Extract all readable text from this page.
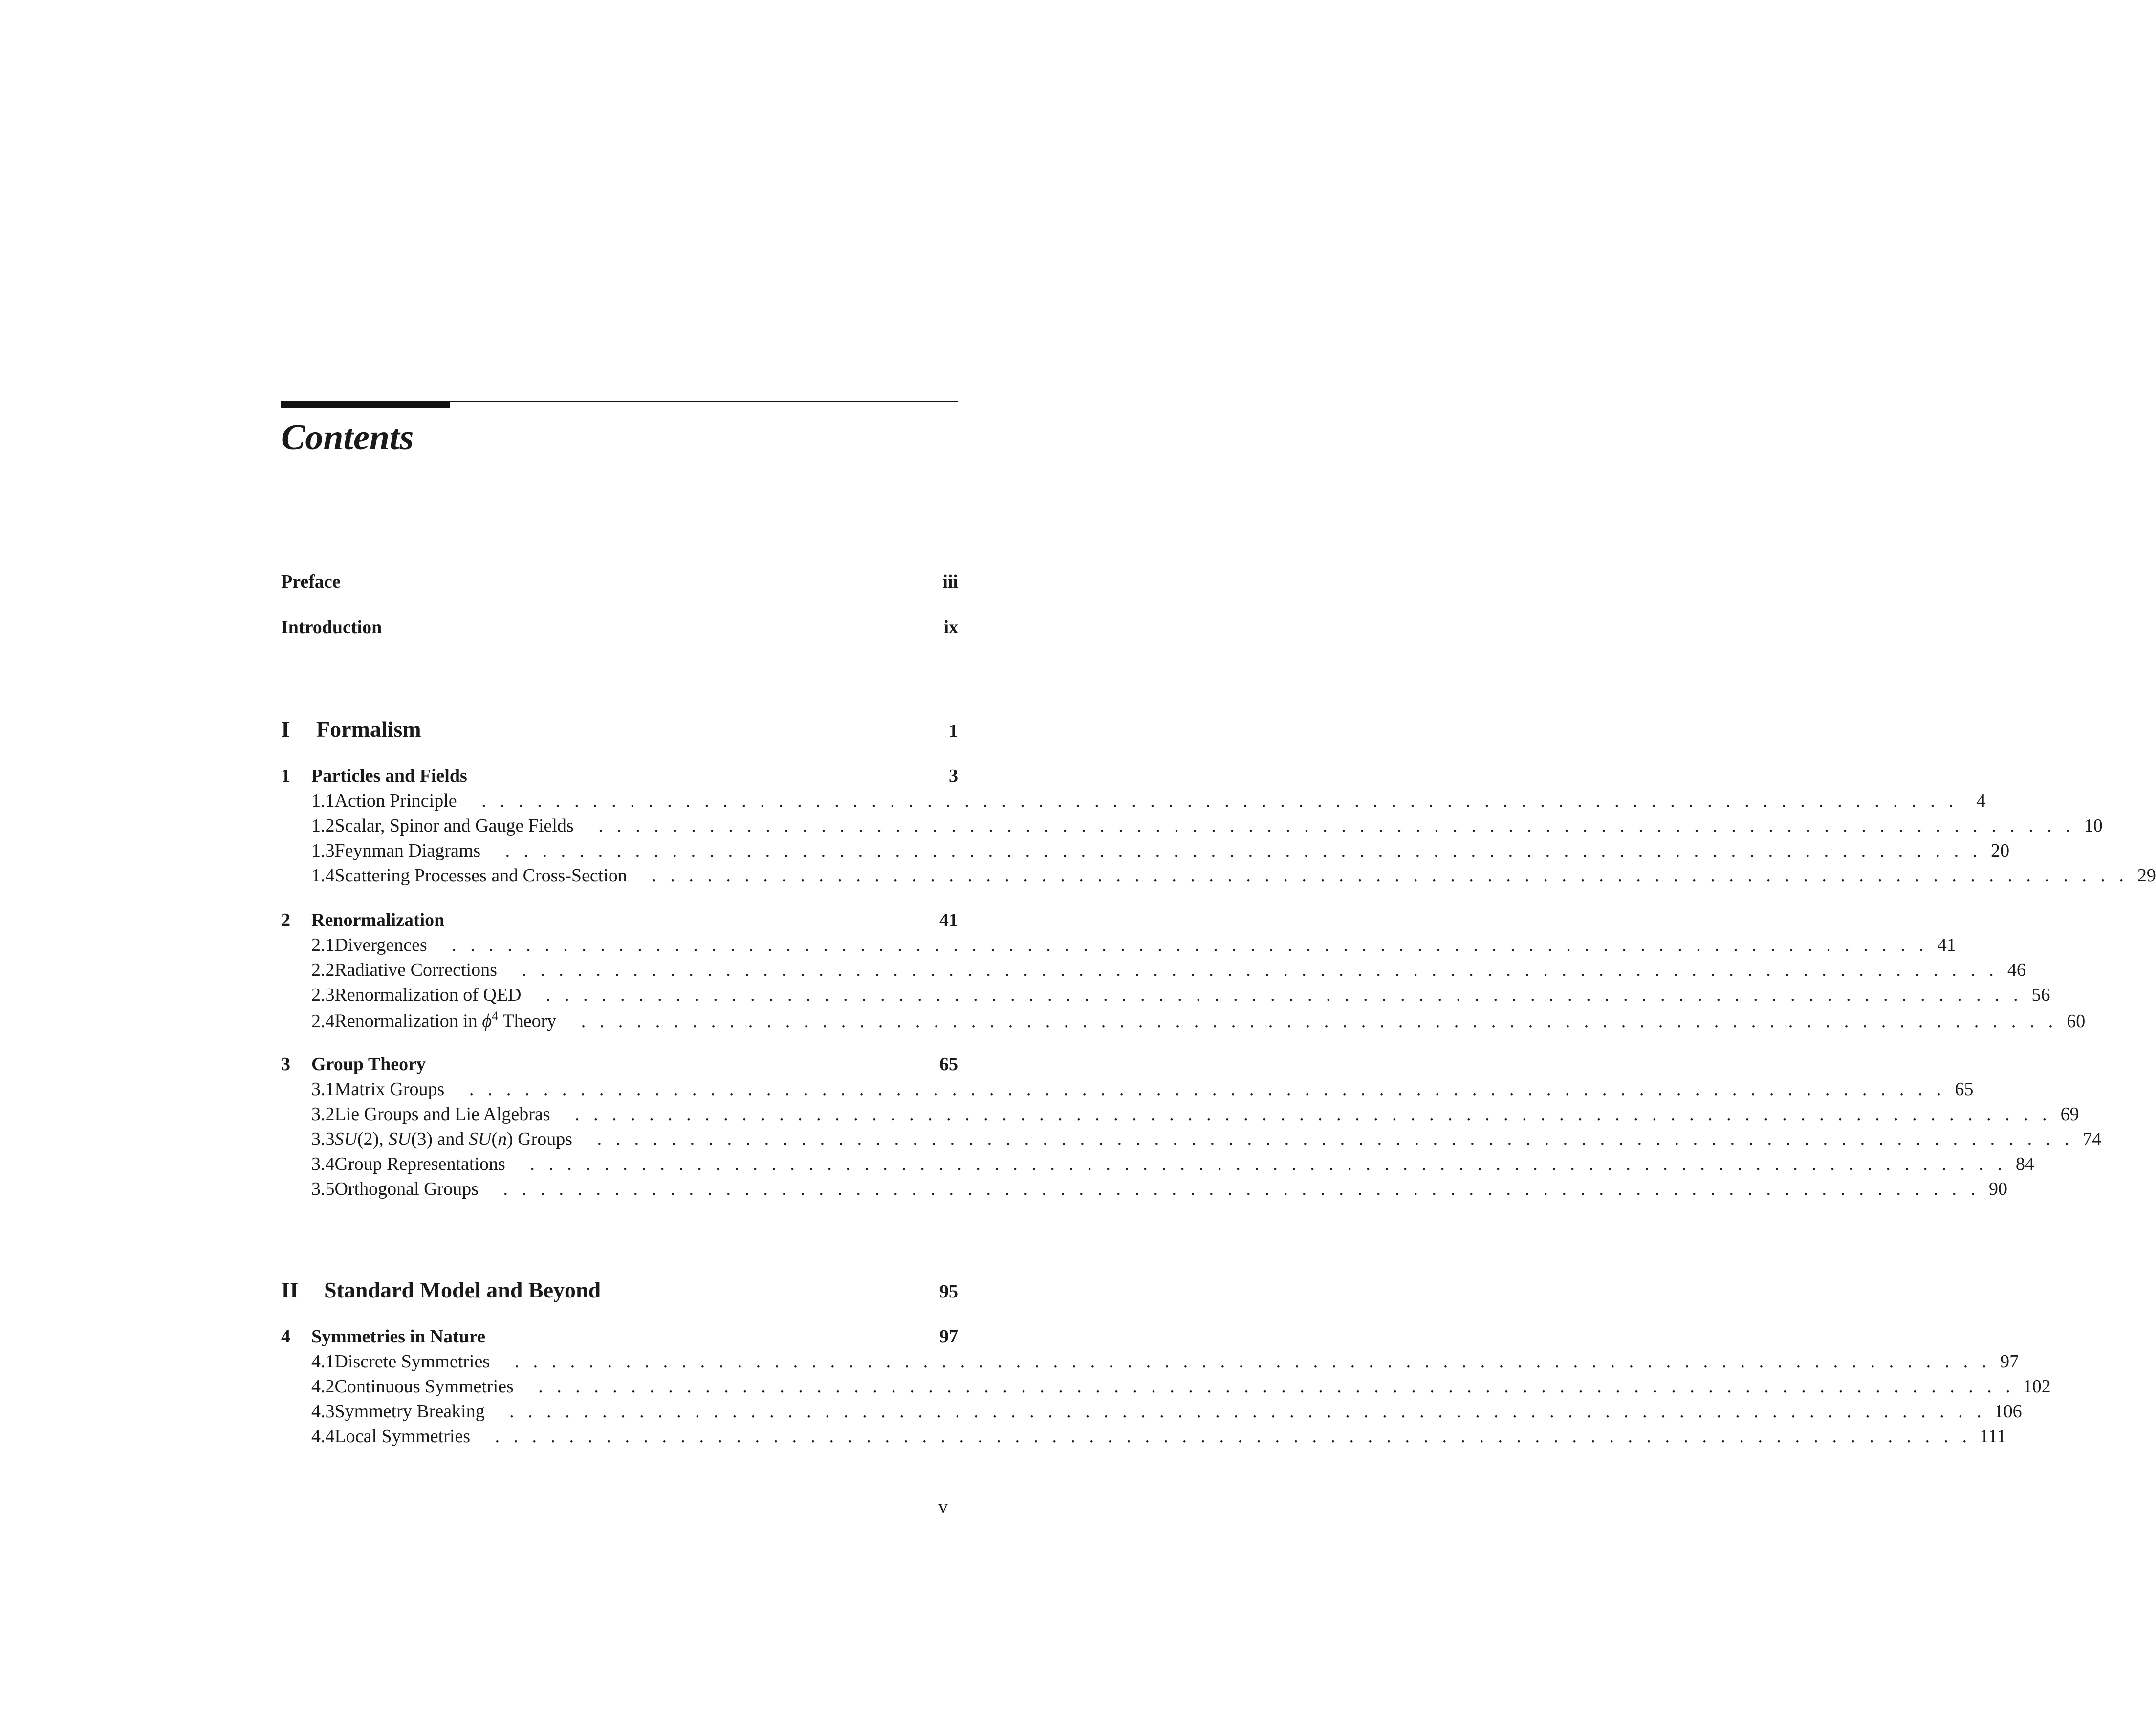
Contents
Preface	iii
Introduction	ix
I	Formalism	1
1	Particles and Fields	3
1.1 Action Principle .   .   .   .   .   .   .   .   .   .   .   .   .   .   .   .   .   .   .   .   .   .   .   .   .   .   .   .   .   .   .   .   .   .   .   .   .   .   .   .   .   .   .   .   .   .   .   .   .   .   .   .   .   .   .   .   .   .   .   .   .   .   .   .   .   .   .   .   .   .   .   .   .   .   .   .   .   .   .   .	4
1.2 Scalar, Spinor and Gauge Fields .   .   .   .   .   .   .   .   .   .   .   .   .   .   .   .   .   .   .   .   .   .   .   .   .   .   .   .   .   .   .   .   .   .   .   .   .   .   .   .   .   .   .   .   .   .   .   .   .   .   .   .   .   .   .   .   .   .   .   .   .   .   .   .   .   .   .   .   .   .   .   .   .   .   .   .   .   .   .   . 10
1.3 Feynman Diagrams .   .   .   .   .   .   .   .   .   .   .   .   .   .   .   .   .   .   .   .   .   .   .   .   .   .   .   .   .   .   .   .   .   .   .   .   .   .   .   .   .   .   .   .   .   .   .   .   .   .   .   .   .   .   .   .   .   .   .   .   .   .   .   .   .   .   .   .   .   .   .   .   .   .   .   .   .   .   .   . 20
1.4 Scattering Processes and Cross-Section .   .   .   .   .   .   .   .   .   .   .   .   .   .   .   .   .   .   .   .   .   .   .   .   .   .   .   .   .   .   .   .   .   .   .   .   .   .   .   .   .   .   .   .   .   .   .   .   .   .   .   .   .   .   .   .   .   .   .   .   .   .   .   .   .   .   .   .   .   .   .   .   .   .   .   .   .   .   .   . 29
2	Renormalization	41
2.1 Divergences .   .   .   .   .   .   .   .   .   .   .   .   .   .   .   .   .   .   .   .   .   .   .   .   .   .   .   .   .   .   .   .   .   .   .   .   .   .   .   .   .   .   .   .   .   .   .   .   .   .   .   .   .   .   .   .   .   .   .   .   .   .   .   .   .   .   .   .   .   .   .   .   .   .   .   .   .   .   .   . 41
2.2 Radiative Corrections .   .   .   .   .   .   .   .   .   .   .   .   .   .   .   .   .   .   .   .   .   .   .   .   .   .   .   .   .   .   .   .   .   .   .   .   .   .   .   .   .   .   .   .   .   .   .   .   .   .   .   .   .   .   .   .   .   .   .   .   .   .   .   .   .   .   .   .   .   .   .   .   .   .   .   .   .   .   .   . 46
2.3 Renormalization of QED .   .   .   .   .   .   .   .   .   .   .   .   .   .   .   .   .   .   .   .   .   .   .   .   .   .   .   .   .   .   .   .   .   .   .   .   .   .   .   .   .   .   .   .   .   .   .   .   .   .   .   .   .   .   .   .   .   .   .   .   .   .   .   .   .   .   .   .   .   .   .   .   .   .   .   .   .   .   .   . 56
2.4 Renormalization in $\phi^4$ Theory .   .   .   .   .   .   .   .   .   .   .   .   .   .   .   .   .   .   .   .   .   .   .   .   .   .   .   .   .   .   .   .   .   .   .   .   .   .   .   .   .   .   .   .   .   .   .   .   .   .   .   .   .   .   .   .   .   .   .   .   .   .   .   .   .   .   .   .   .   .   .   .   .   .   .   .   .   .   .   . 60
3	Group Theory	65
3.1 Matrix Groups .   .   .   .   .   .   .   .   .   .   .   .   .   .   .   .   .   .   .   .   .   .   .   .   .   .   .   .   .   .   .   .   .   .   .   .   .   .   .   .   .   .   .   .   .   .   .   .   .   .   .   .   .   .   .   .   .   .   .   .   .   .   .   .   .   .   .   .   .   .   .   .   .   .   .   .   .   .   .   . 65
3.2 Lie Groups and Lie Algebras .   .   .   .   .   .   .   .   .   .   .   .   .   .   .   .   .   .   .   .   .   .   .   .   .   .   .   .   .   .   .   .   .   .   .   .   .   .   .   .   .   .   .   .   .   .   .   .   .   .   .   .   .   .   .   .   .   .   .   .   .   .   .   .   .   .   .   .   .   .   .   .   .   .   .   .   .   .   .   . 69
3.3 SU(2), SU(3) and SU(n) Groups .   .   .   .   .   .   .   .   .   .   .   .   .   .   .   .   .   .   .   .   .   .   .   .   .   .   .   .   .   .   .   .   .   .   .   .   .   .   .   .   .   .   .   .   .   .   .   .   .   .   .   .   .   .   .   .   .   .   .   .   .   .   .   .   .   .   .   .   .   .   .   .   .   .   .   .   .   .   .   . 74
3.4 Group Representations .   .   .   .   .   .   .   .   .   .   .   .   .   .   .   .   .   .   .   .   .   .   .   .   .   .   .   .   .   .   .   .   .   .   .   .   .   .   .   .   .   .   .   .   .   .   .   .   .   .   .   .   .   .   .   .   .   .   .   .   .   .   .   .   .   .   .   .   .   .   .   .   .   .   .   .   .   .   .   . 84
3.5 Orthogonal Groups .   .   .   .   .   .   .   .   .   .   .   .   .   .   .   .   .   .   .   .   .   .   .   .   .   .   .   .   .   .   .   .   .   .   .   .   .   .   .   .   .   .   .   .   .   .   .   .   .   .   .   .   .   .   .   .   .   .   .   .   .   .   .   .   .   .   .   .   .   .   .   .   .   .   .   .   .   .   .   . 90
II	Standard Model and Beyond	95
4	Symmetries in Nature	97
4.1 Discrete Symmetries .   .   .   .   .   .   .   .   .   .   .   .   .   .   .   .   .   .   .   .   .   .   .   .   .   .   .   .   .   .   .   .   .   .   .   .   .   .   .   .   .   .   .   .   .   .   .   .   .   .   .   .   .   .   .   .   .   .   .   .   .   .   .   .   .   .   .   .   .   .   .   .   .   .   .   .   .   .   .   . 97
4.2 Continuous Symmetries .   .   .   .   .   .   .   .   .   .   .   .   .   .   .   .   .   .   .   .   .   .   .   .   .   .   .   .   .   .   .   .   .   .   .   .   .   .   .   .   .   .   .   .   .   .   .   .   .   .   .   .   .   .   .   .   .   .   .   .   .   .   .   .   .   .   .   .   .   .   .   .   .   .   .   .   .   .   .   . 102
4.3 Symmetry Breaking .   .   .   .   .   .   .   .   .   .   .   .   .   .   .   .   .   .   .   .   .   .   .   .   .   .   .   .   .   .   .   .   .   .   .   .   .   .   .   .   .   .   .   .   .   .   .   .   .   .   .   .   .   .   .   .   .   .   .   .   .   .   .   .   .   .   .   .   .   .   .   .   .   .   .   .   .   .   .   . 106
4.4 Local Symmetries .   .   .   .   .   .   .   .   .   .   .   .   .   .   .   .   .   .   .   .   .   .   .   .   .   .   .   .   .   .   .   .   .   .   .   .   .   .   .   .   .   .   .   .   .   .   .   .   .   .   .   .   .   .   .   .   .   .   .   .   .   .   .   .   .   .   .   .   .   .   .   .   .   .   .   .   .   .   .   . 111
v
